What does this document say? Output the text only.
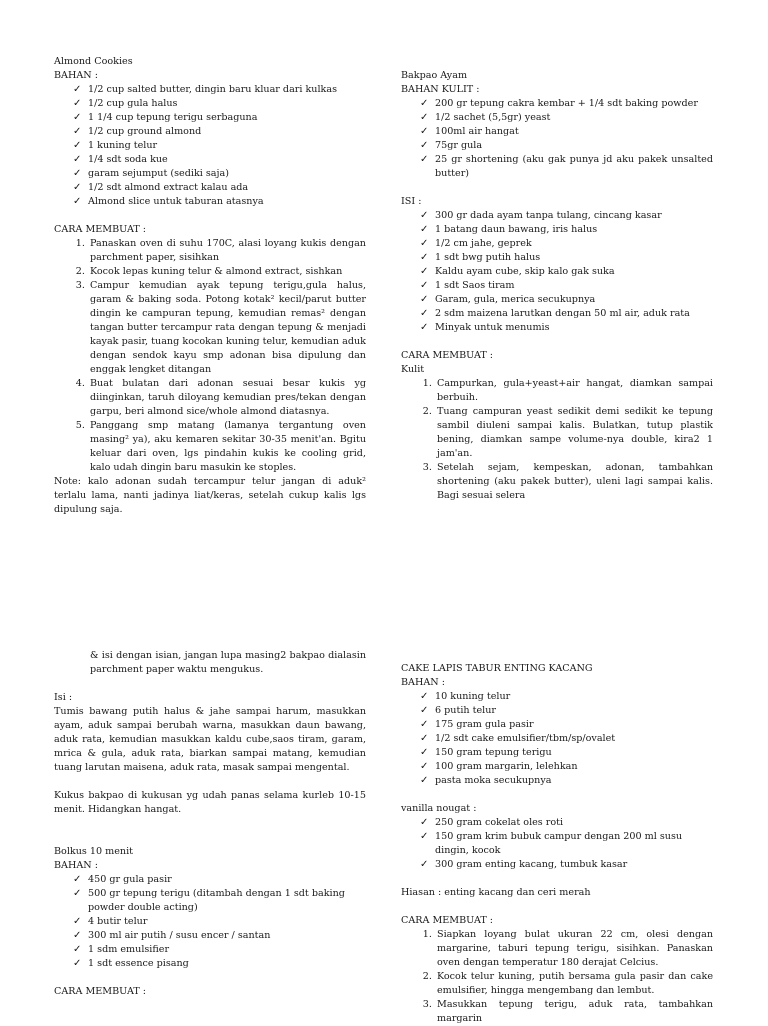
Almond Cookies

BAHAN :

✓ 1/2 cup salted butter, dingin baru kluar dari kulkas
✓ 1/2 cup gula halus
✓ 1 1/4 cup tepung terigu serbaguna
✓ 1/2 cup ground almond
✓ 1 kuning telur
✓ 1/4 sdt soda kue
✓ garam sejumput (sediki saja)
✓ 1/2 sdt almond extract kalau ada
✓ Almond slice untuk taburan atasnya

CARA MEMBUAT :

1. Panaskan oven di suhu 170C, alasi loyang kukis dengan parchment paper, sisihkan
2. Kocok lepas kuning telur & almond extract, sishkan
3. Campur kemudian ayak tepung terigu,gula halus, garam & baking soda. Potong kotak² kecil/parut butter dingin ke campuran tepung, kemudian remas² dengan tangan butter tercampur rata dengan tepung & menjadi kayak pasir, tuang kocokan kuning telur, kemudian aduk dengan sendok kayu smp adonan bisa dipulung dan enggak lengket ditangan
4. Buat bulatan dari adonan sesuai besar kukis yg diinginkan, taruh diloyang kemudian pres/tekan dengan garpu, beri almond sice/whole almond diatasnya.
5. Panggang smp matang (lamanya tergantung oven masing² ya), aku kemaren sekitar 30-35 menit'an. Bgitu keluar dari oven, lgs pindahin kukis ke cooling grid, kalo udah dingin baru masukin ke stoples.

Note: kalo adonan sudah tercampur telur jangan di aduk² terlalu lama, nanti jadinya liat/keras, setelah cukup kalis lgs dipulung saja.

Bakpao Ayam

BAHAN KULIT :

✓ 200 gr tepung cakra kembar + 1/4 sdt baking powder
✓ 1/2 sachet (5,5gr) yeast
✓ 100ml air hangat
✓ 75gr gula
✓ 25 gr shortening (aku gak punya jd aku pakek unsalted butter)

ISI :

✓ 300 gr dada ayam tanpa tulang, cincang kasar
✓ 1 batang daun bawang, iris halus
✓ 1/2 cm jahe, geprek
✓ 1 sdt bwg putih halus
✓ Kaldu ayam cube, skip kalo gak suka
✓ 1 sdt Saos tiram
✓ Garam, gula, merica secukupnya
✓ 2 sdm maizena larutkan dengan 50 ml air, aduk rata
✓ Minyak untuk menumis

CARA MEMBUAT :

Kulit

1. Campurkan, gula+yeast+air hangat, diamkan sampai berbuih.
2. Tuang campuran yeast sedikit demi sedikit ke tepung sambil diuleni sampai kalis. Bulatkan, tutup plastik bening, diamkan sampe volume-nya double, kira2 1 jam'an.
3. Setelah sejam, kempeskan, adonan, tambahkan shortening (aku pakek butter), uleni lagi sampai kalis. Bagi sesuai selera

& isi dengan isian, jangan lupa masing2 bakpao dialasin parchment paper waktu mengukus.

Isi :

Tumis bawang putih halus & jahe sampai harum, masukkan ayam, aduk sampai berubah warna, masukkan daun bawang, aduk rata, kemudian masukkan kaldu cube,saos tiram, garam, mrica & gula, aduk rata, biarkan sampai matang, kemudian tuang larutan maisena, aduk rata, masak sampai mengental.

Kukus bakpao di kukusan yg udah panas selama kurleb 10-15 menit. Hidangkan hangat.

Bolkus 10 menit

BAHAN :

✓ 450 gr gula pasir
✓ 500 gr tepung terigu (ditambah dengan 1 sdt baking powder double acting)
✓ 4 butir telur
✓ 300 ml air putih / susu encer / santan
✓ 1 sdm emulsifier
✓ 1 sdt essence pisang

CARA MEMBUAT :

CAKE LAPIS TABUR ENTING KACANG

BAHAN :

✓ 10 kuning telur
✓ 6 putih telur
✓ 175 gram gula pasir
✓ 1/2 sdt cake emulsifier/tbm/sp/ovalet
✓ 150 gram tepung terigu
✓ 100 gram margarin, lelehkan
✓ pasta moka secukupnya

vanilla nougat :

✓ 250 gram cokelat oles roti
✓ 150 gram krim bubuk campur dengan 200 ml susu dingin, kocok
✓ 300 gram enting kacang, tumbuk kasar

Hiasan : enting kacang dan ceri merah

CARA MEMBUAT :

1. Siapkan loyang bulat ukuran 22 cm, olesi dengan margarine, taburi tepung terigu, sisihkan. Panaskan oven dengan temperatur 180 derajat Celcius.
2. Kocok telur kuning, putih bersama gula pasir dan cake emulsifier, hingga mengembang dan lembut.
3. Masukkan tepung terigu, aduk rata, tambahkan margarin
